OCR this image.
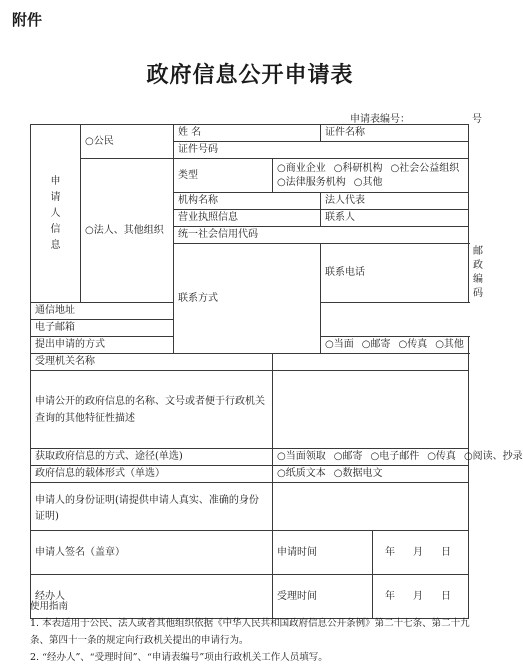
附件
政府信息公开申请表
申请表编号：	号
申
请
人
信
息	○公民	姓 名		证件名称		
		证件号码				
	○法人、其他组织	类型	○商业企业 ○科研机构 ○社会公益组织
○法律服务机构 ○其他			

		机构名称		法人代表		
		营业执照信息		联系人		
		统一社会信用代码				
		联系方式		联系电话		邮政编码
通信地址						
电子邮箱						
提出申请的方式				○当面 ○邮寄 ○传真 ○其他		
受理机关名称						
申请公开的政府信息的名称、文号或者便于行政机关查询的其他特征性描述						
获取政府信息的方式、途径(单选)			○当面领取 ○邮寄 ○电子邮件 ○传真 ○阅读、抄录			
政府信息的载体形式（单选）			○纸质文本 ○数据电文			
申请人的身份证明(请提供申请人真实、准确的身份证明)						
申请人签名（盖章）			申请时间		年 月 日	
经办人			受理时间		年 月 日	
使用指南
1. 本表适用于公民、法人或者其他组织依据《中华人民共和国政府信息公开条例》第二十七条、第二十九
条、第四十一条的规定向行政机关提出的申请行为。
2. “经办人”、“受理时间”、“申请表编号”项由行政机关工作人员填写。
